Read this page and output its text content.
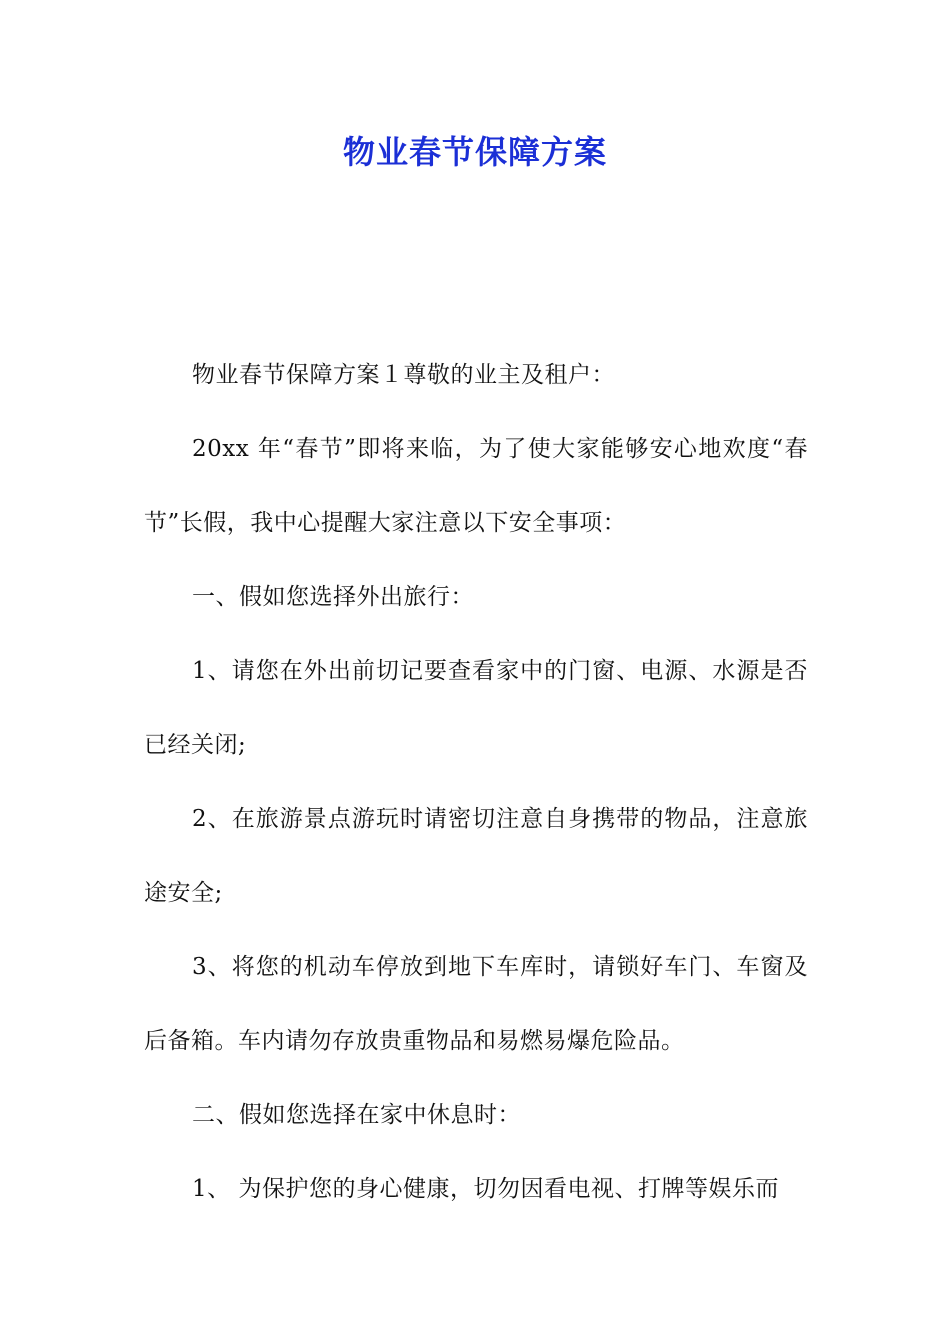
物业春节保障方案

物业春节保障方案１尊敬的业主及租户：

20xx 年“春节”即将来临，为了使大家能够安心地欢度“春节”长假，我中心提醒大家注意以下安全事项：

一、假如您选择外出旅行：

1、请您在外出前切记要查看家中的门窗、电源、水源是否已经关闭;

2、在旅游景点游玩时请密切注意自身携带的物品，注意旅途安全;

3、将您的机动车停放到地下车库时，请锁好车门、车窗及后备箱。车内请勿存放贵重物品和易燃易爆危险品。

二、假如您选择在家中休息时：

1、 为保护您的身心健康，切勿因看电视、打牌等娱乐而
